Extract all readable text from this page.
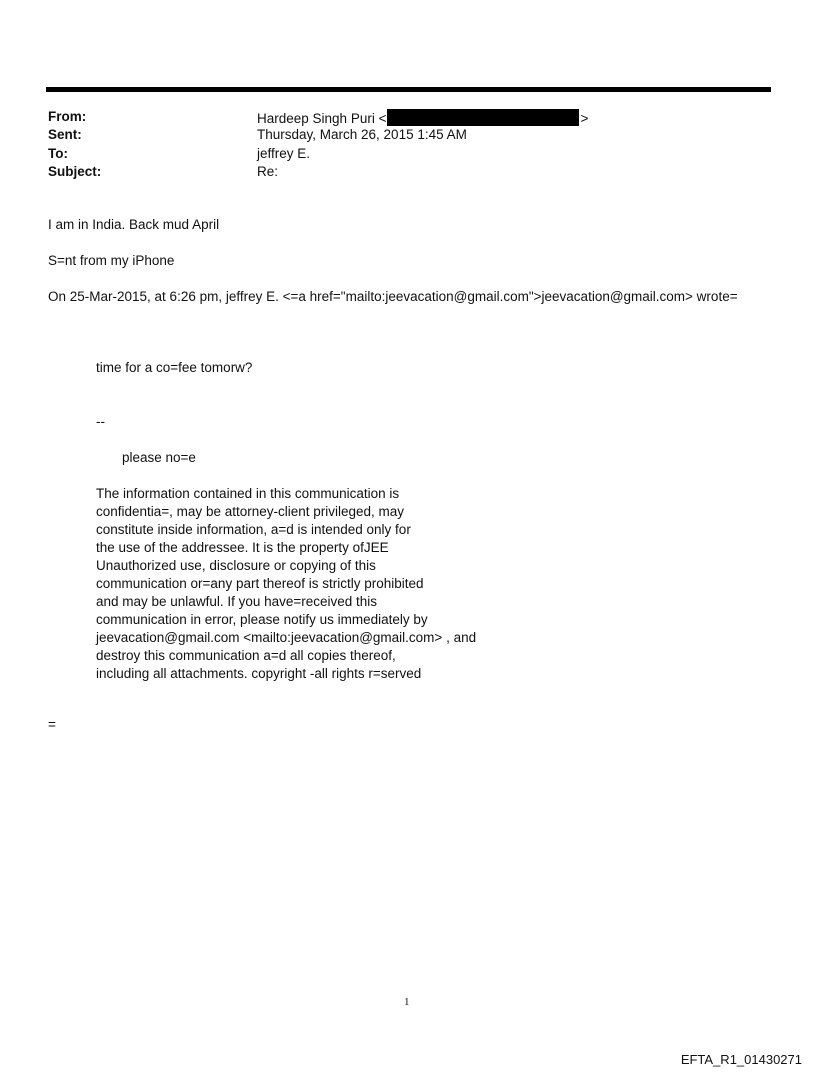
From:	Hardeep Singh Puri <	>
Sent:	Thursday, March 26, 2015 1:45 AM
To:	jeffrey E.
Subject:	Re:
I am in India. Back mud April
S=nt from my iPhone
On 25-Mar-2015, at 6:26 pm, jeffrey E. <=a href="mailto:jeevacation@gmail.com">jeevacation@gmail.com> wrote=
time for a co=fee tomorw?
--
please no=e
The information contained in this communication is
confidentia=, may be attorney-client privileged, may
constitute inside information, a=d is intended only for
the use of the addressee. It is the property ofJEE
Unauthorized use, disclosure or copying of this
communication or=any part thereof is strictly prohibited
and may be unlawful. If you have=received this
communication in error, please notify us immediately by
jeevacation@gmail.com <mailto:jeevacation@gmail.com> , and
destroy this communication a=d all copies thereof,
including all attachments. copyright -all rights r=served
=
1
EFTA_R1_01430271
